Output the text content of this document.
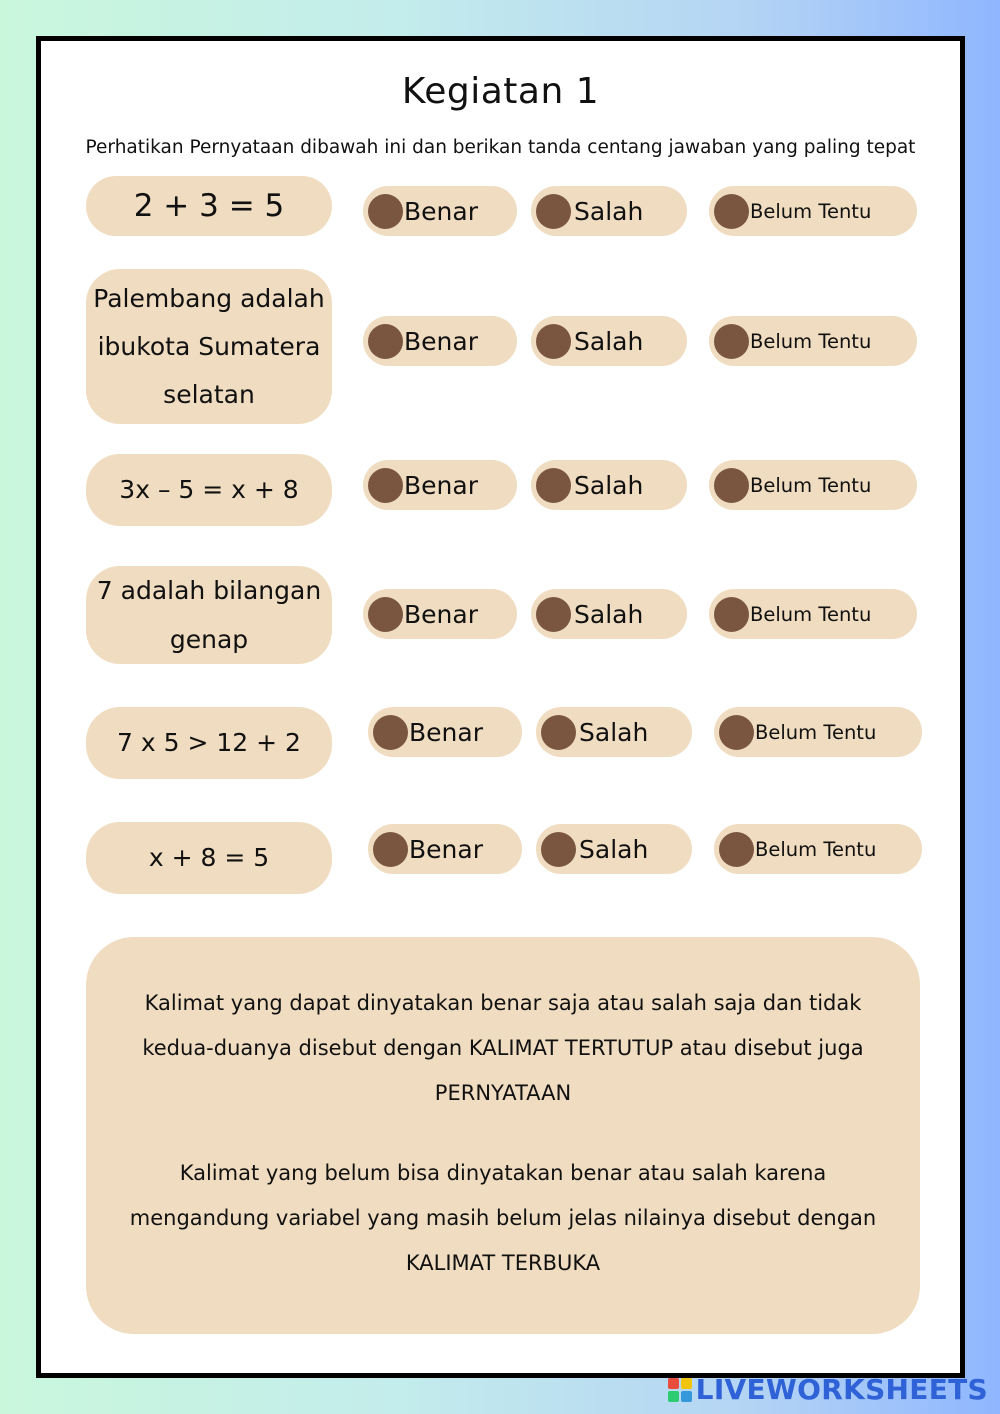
Kegiatan 1

Perhatikan Pernyataan dibawah ini dan berikan tanda centang jawaban yang paling tepat

2 + 3 = 5	Benar	Salah	Belum Tentu
Palembang adalah
ibukota Sumatera
selatan
Benar	Salah	Belum Tentu
3x – 5 = x + 8	Benar	Salah	Belum Tentu
7 adalah bilangan
genap
Benar	Salah	Belum Tentu
7 x 5 > 12 + 2	Benar	Salah	Belum Tentu
x + 8 = 5	Benar	Salah	Belum Tentu

Kalimat yang dapat dinyatakan benar saja atau salah saja dan tidak

kedua-duanya disebut dengan KALIMAT TERTUTUP atau disebut juga

PERNYATAAN

Kalimat yang belum bisa dinyatakan benar atau salah karena

mengandung variabel yang masih belum jelas nilainya disebut dengan

KALIMAT TERBUKA

LIVEWORKSHEETS
